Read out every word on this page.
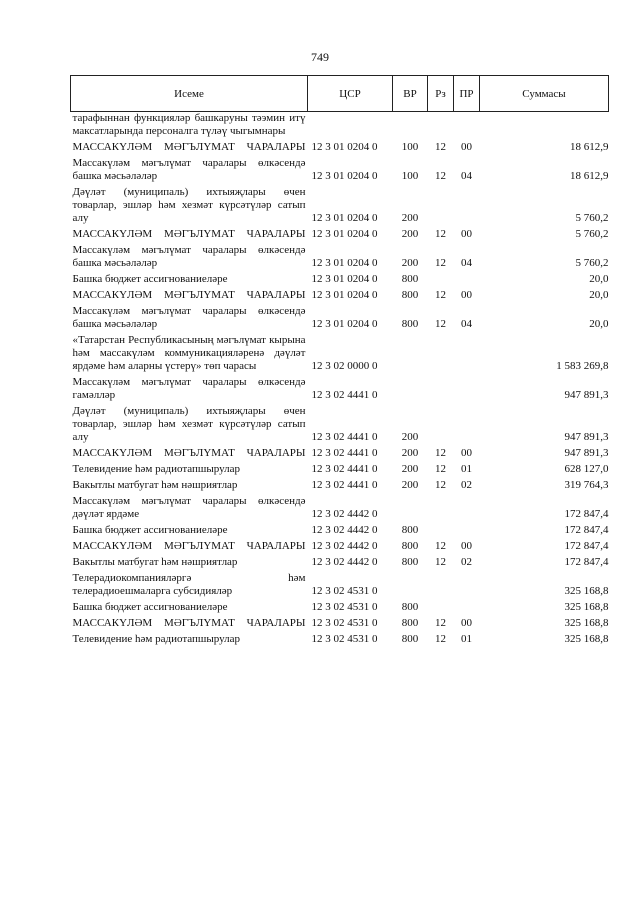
749
Исеме	ЦСР	ВР	Рз	ПР	Суммасы
тарафыннан функцияләр башкаруны тәэмин итү максатларында персоналга түләү чыгымнары					
МАССАКҮЛӘМ МӘГЪЛҮМАТ ЧАРАЛАРЫ	12 3 01 0204 0	100	12	00	18 612,9
Массакүләм мәгълүмат чаралары өлкәсендә башка мәсьәләләр	12 3 01 0204 0	100	12	04	18 612,9
Дәүләт (муниципаль) ихтыяҗлары өчен товарлар, эшләр һәм хезмәт күрсәтүләр сатып алу	12 3 01 0204 0	200			5 760,2
МАССАКҮЛӘМ МӘГЪЛҮМАТ ЧАРАЛАРЫ	12 3 01 0204 0	200	12	00	5 760,2
Массакүләм мәгълүмат чаралары өлкәсендә башка мәсьәләләр	12 3 01 0204 0	200	12	04	5 760,2
Башка бюджет ассигнованиеләре	12 3 01 0204 0	800			20,0
МАССАКҮЛӘМ МӘГЪЛҮМАТ ЧАРАЛАРЫ	12 3 01 0204 0	800	12	00	20,0
Массакүләм мәгълүмат чаралары өлкәсендә башка мәсьәләләр	12 3 01 0204 0	800	12	04	20,0
«Татарстан Республикасының мәгълүмат кырына һәм массакүләм коммуникацияләренә дәүләт ярдәме һәм аларны үстерү» төп чарасы	12 3 02 0000 0				1 583 269,8
Массакүләм мәгълүмат чаралары өлкәсендә гамәлләр	12 3 02 4441 0				947 891,3
Дәүләт (муниципаль) ихтыяҗлары өчен товарлар, эшләр һәм хезмәт күрсәтүләр сатып алу	12 3 02 4441 0	200			947 891,3
МАССАКҮЛӘМ МӘГЪЛҮМАТ ЧАРАЛАРЫ	12 3 02 4441 0	200	12	00	947 891,3
Телевидение һәм радиотапшырулар	12 3 02 4441 0	200	12	01	628 127,0
Вакытлы матбугат һәм нәшриятлар	12 3 02 4441 0	200	12	02	319 764,3
Массакүләм мәгълүмат чаралары өлкәсендә дәүләт ярдәме	12 3 02 4442 0				172 847,4
Башка бюджет ассигнованиеләре	12 3 02 4442 0	800			172 847,4
МАССАКҮЛӘМ МӘГЪЛҮМАТ ЧАРАЛАРЫ	12 3 02 4442 0	800	12	00	172 847,4
Вакытлы матбугат һәм нәшриятлар	12 3 02 4442 0	800	12	02	172 847,4
Телерадиокомпанияләргә һәм телерадиоешмаларга субсидияләр	12 3 02 4531 0				325 168,8
Башка бюджет ассигнованиеләре	12 3 02 4531 0	800			325 168,8
МАССАКҮЛӘМ МӘГЪЛҮМАТ ЧАРАЛАРЫ	12 3 02 4531 0	800	12	00	325 168,8
Телевидение һәм радиотапшырулар	12 3 02 4531 0	800	12	01	325 168,8
